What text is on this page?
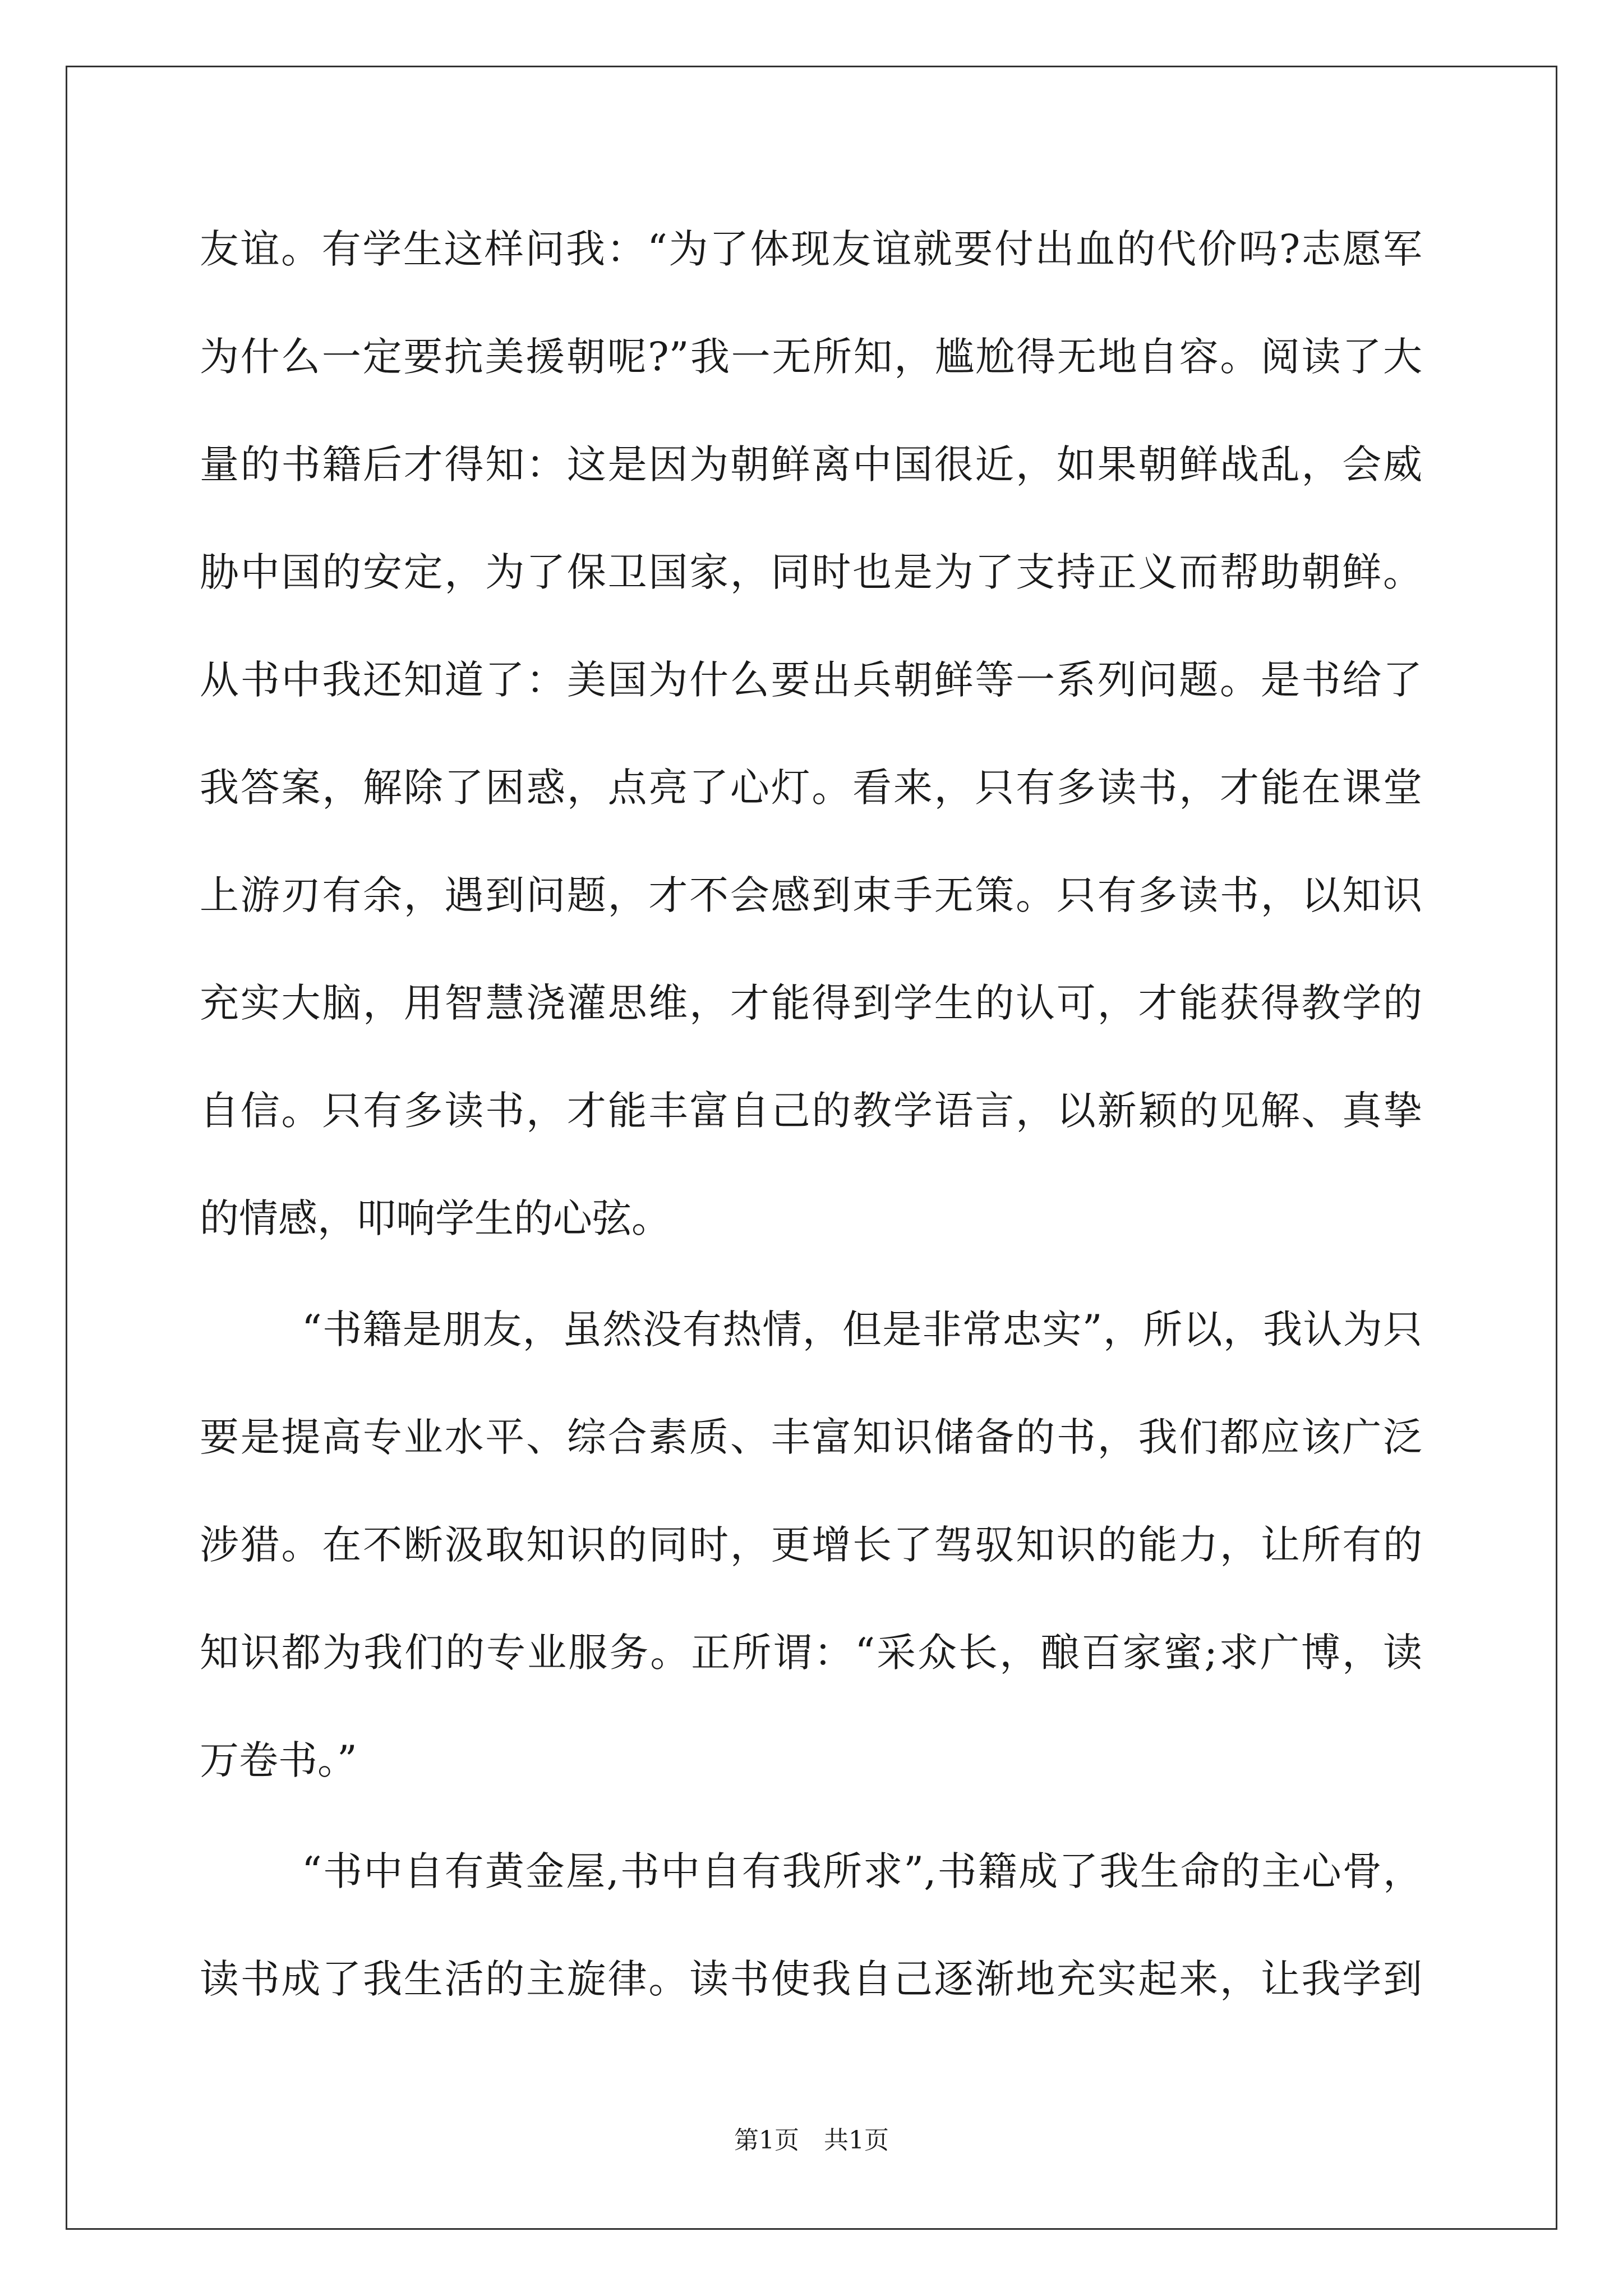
友谊。有学生这样问我：“为了体现友谊就要付出血的代价吗?志愿军
为什么一定要抗美援朝呢?”我一无所知，尴尬得无地自容。阅读了大
量的书籍后才得知：这是因为朝鲜离中国很近，如果朝鲜战乱，会威
胁中国的安定，为了保卫国家，同时也是为了支持正义而帮助朝鲜。
从书中我还知道了：美国为什么要出兵朝鲜等一系列问题。是书给了
我答案，解除了困惑，点亮了心灯。看来，只有多读书，才能在课堂
上游刃有余，遇到问题，才不会感到束手无策。只有多读书，以知识
充实大脑，用智慧浇灌思维，才能得到学生的认可，才能获得教学的
自信。只有多读书，才能丰富自己的教学语言，以新颖的见解、真挚
的情感，叩响学生的心弦。
“书籍是朋友，虽然没有热情，但是非常忠实”，所以，我认为只
要是提高专业水平、综合素质、丰富知识储备的书，我们都应该广泛
涉猎。在不断汲取知识的同时，更增长了驾驭知识的能力，让所有的
知识都为我们的专业服务。正所谓：“采众长，酿百家蜜;求广博，读
万卷书。”
“书中自有黄金屋,书中自有我所求”,书籍成了我生命的主心骨，
读书成了我生活的主旋律。读书使我自己逐渐地充实起来，让我学到
第1页　共1页
